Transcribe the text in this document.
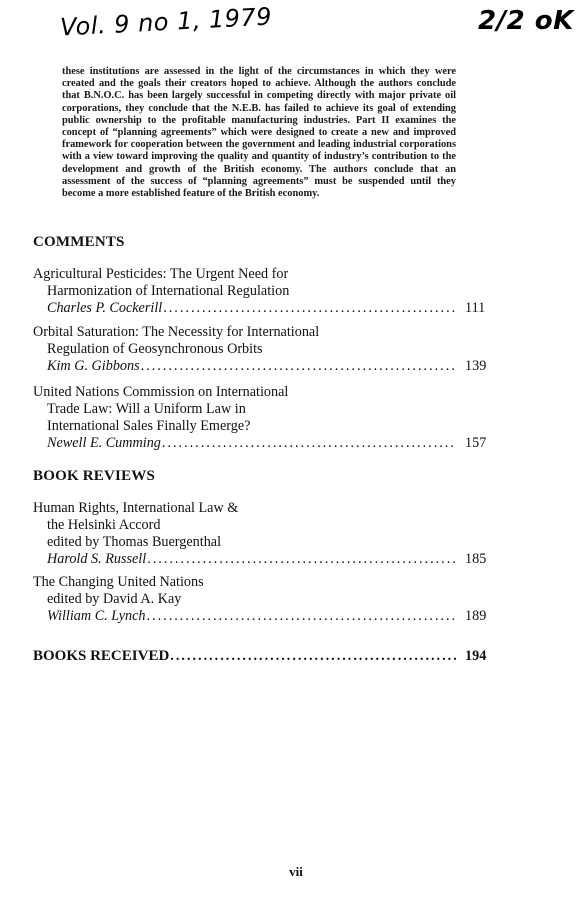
Vol. 9 no 1, 1979	2/2 oK

these institutions are assessed in the light of the circumstances in which they were created and the goals their creators hoped to achieve. Although the authors conclude that B.N.O.C. has been largely successful in competing directly with major private oil corporations, they conclude that the N.E.B. has failed to achieve its goal of extending public ownership to the profitable manufacturing industries. Part II examines the concept of “planning agreements” which were designed to create a new and improved framework for cooperation between the government and leading industrial corporations with a view toward improving the quality and quantity of industry’s contribution to the development and growth of the British economy. The authors conclude that an assessment of the success of “planning agreements” must be suspended until they become a more established feature of the British economy.

COMMENTS
Agricultural Pesticides: The Urgent Need for
Harmonization of International Regulation
Charles P. Cockerill .....	111
Orbital Saturation: The Necessity for International
Regulation of Geosynchronous Orbits
Kim G. Gibbons .....	139
United Nations Commission on International
Trade Law: Will a Uniform Law in
International Sales Finally Emerge?
Newell E. Cumming .....	157
BOOK REVIEWS
Human Rights, International Law &
the Helsinki Accord
edited by Thomas Buergenthal
Harold S. Russell .....	185
The Changing United Nations
edited by David A. Kay
William C. Lynch .....	189
BOOKS RECEIVED .....	194
vii
